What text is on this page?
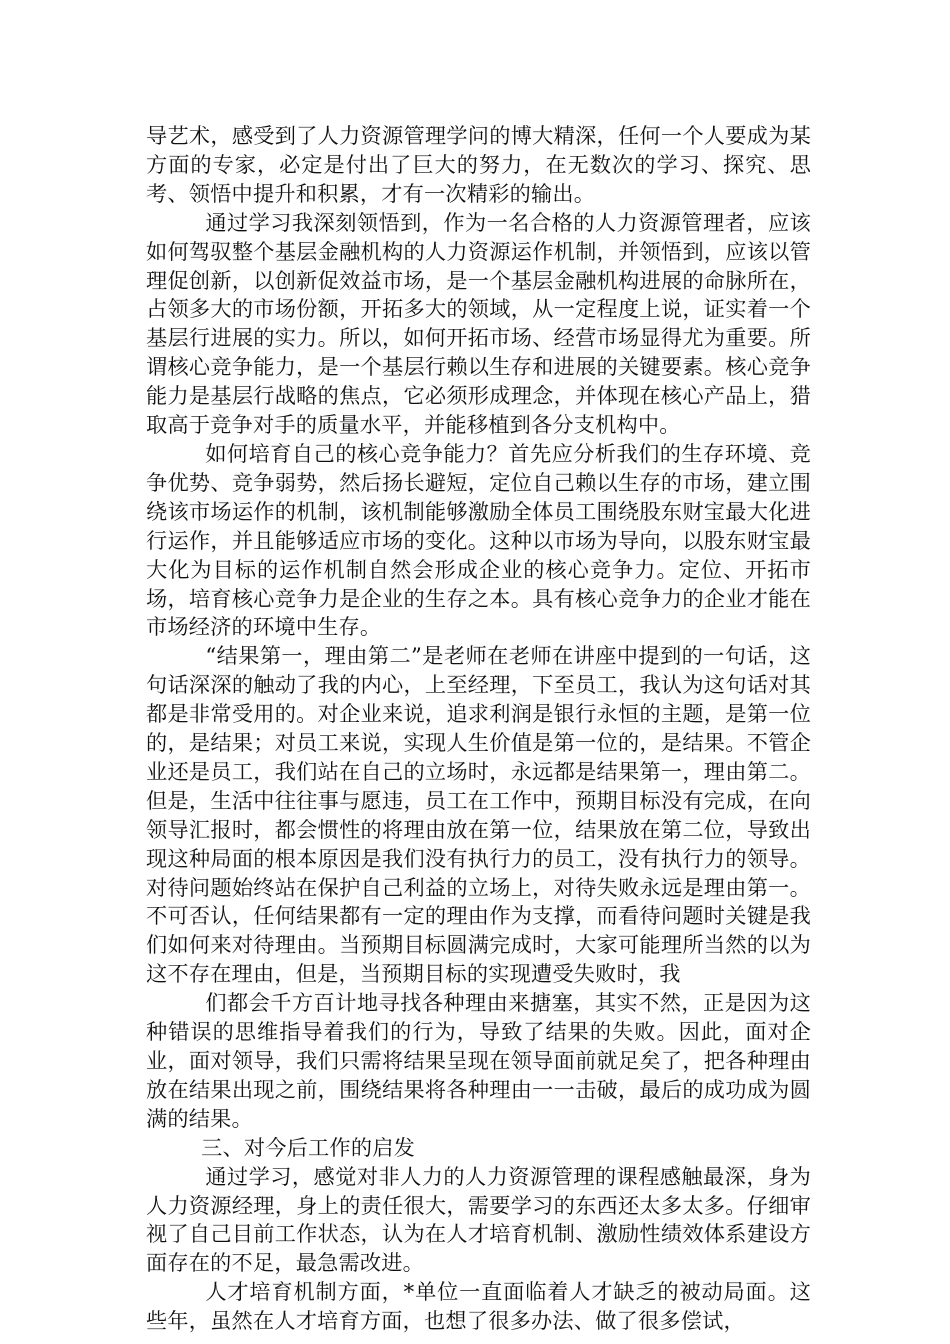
导艺术，感受到了人力资源管理学问的博大精深，任何一个人要成为某方面的专家，必定是付出了巨大的努力，在无数次的学习、探究、思考、领悟中提升和积累，才有一次精彩的输出。

通过学习我深刻领悟到，作为一名合格的人力资源管理者，应该如何驾驭整个基层金融机构的人力资源运作机制，并领悟到，应该以管理促创新，以创新促效益市场，是一个基层金融机构进展的命脉所在，占领多大的市场份额，开拓多大的领域，从一定程度上说，证实着一个基层行进展的实力。所以，如何开拓市场、经营市场显得尤为重要。所谓核心竞争能力，是一个基层行赖以生存和进展的关键要素。核心竞争能力是基层行战略的焦点，它必须形成理念，并体现在核心产品上，猎取高于竞争对手的质量水平，并能移植到各分支机构中。

如何培育自己的核心竞争能力？首先应分析我们的生存环境、竞争优势、竞争弱势，然后扬长避短，定位自己赖以生存的市场，建立围绕该市场运作的机制，该机制能够激励全体员工围绕股东财宝最大化进行运作，并且能够适应市场的变化。这种以市场为导向，以股东财宝最大化为目标的运作机制自然会形成企业的核心竞争力。定位、开拓市场，培育核心竞争力是企业的生存之本。具有核心竞争力的企业才能在市场经济的环境中生存。

“结果第一，理由第二”是老师在老师在讲座中提到的一句话，这句话深深的触动了我的内心，上至经理，下至员工，我认为这句话对其都是非常受用的。对企业来说，追求利润是银行永恒的主题，是第一位的，是结果；对员工来说，实现人生价值是第一位的，是结果。不管企业还是员工，我们站在自己的立场时，永远都是结果第一，理由第二。但是，生活中往往事与愿违，员工在工作中，预期目标没有完成，在向领导汇报时，都会惯性的将理由放在第一位，结果放在第二位，导致出现这种局面的根本原因是我们没有执行力的员工，没有执行力的领导。对待问题始终站在保护自己利益的立场上，对待失败永远是理由第一。不可否认，任何结果都有一定的理由作为支撑，而看待问题时关键是我们如何来对待理由。当预期目标圆满完成时，大家可能理所当然的以为这不存在理由，但是，当预期目标的实现遭受失败时，我

们都会千方百计地寻找各种理由来搪塞，其实不然，正是因为这种错误的思维指导着我们的行为，导致了结果的失败。因此，面对企业，面对领导，我们只需将结果呈现在领导面前就足矣了，把各种理由放在结果出现之前，围绕结果将各种理由一一击破，最后的成功成为圆满的结果。

三、对今后工作的启发

通过学习，感觉对非人力的人力资源管理的课程感触最深，身为人力资源经理，身上的责任很大，需要学习的东西还太多太多。仔细审视了自己目前工作状态，认为在人才培育机制、激励性绩效体系建设方面存在的不足，最急需改进。

人才培育机制方面，*单位一直面临着人才缺乏的被动局面。这些年，虽然在人才培育方面，也想了很多办法、做了很多偿试，
